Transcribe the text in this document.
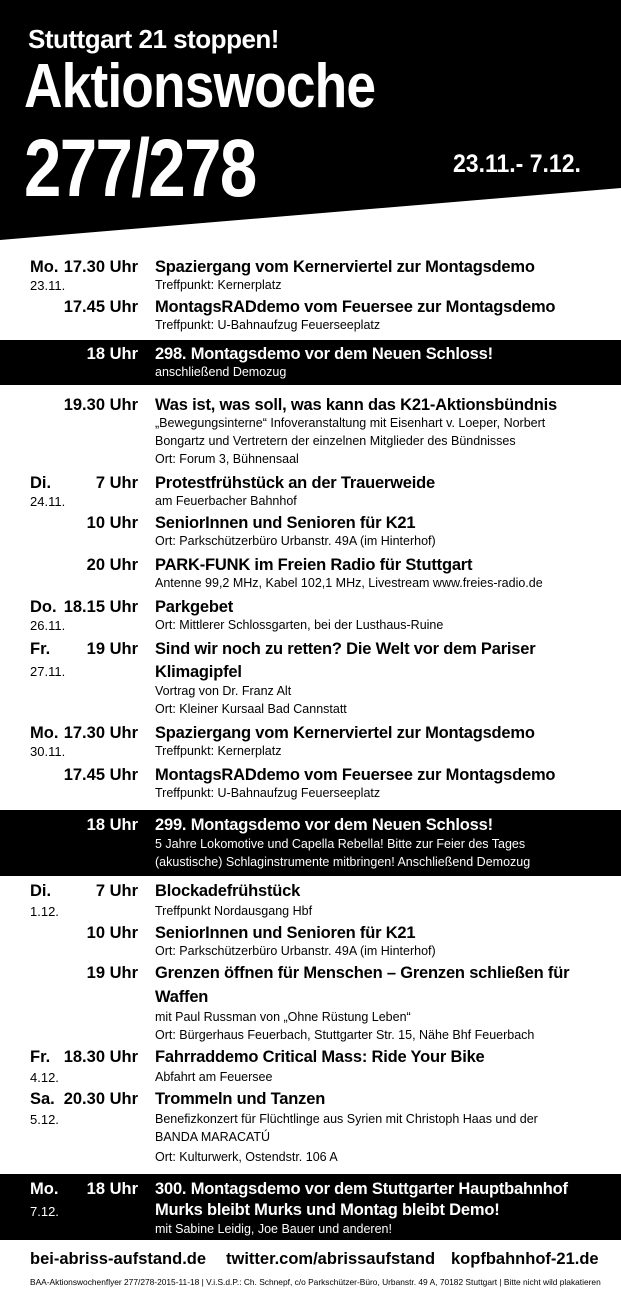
Stuttgart 21 stoppen!
Aktionswoche
277/278	23.11.- 7.12.
Mo.
23.11.
17.30 Uhr Spaziergang vom Kernerviertel zur Montagsdemo
Treffpunkt: Kernerplatz
17.45 Uhr MontagsRADdemo vom Feuersee zur Montagsdemo
Treffpunkt: U-Bahnaufzug Feuerseeplatz
18 Uhr 298. Montagsdemo vor dem Neuen Schloss!
anschließend Demozug
19.30 Uhr Was ist, was soll, was kann das K21-Aktionsbündnis
„Bewegungsinterne“ Infoveranstaltung mit Eisenhart v. Loeper, Norbert
Bongartz und Vertretern der einzelnen Mitglieder des Bündnisses
Ort: Forum 3, Bühnensaal
Di.
24.11.
7 Uhr Protestfrühstück an der Trauerweide
am Feuerbacher Bahnhof
10 Uhr SeniorInnen und Senioren für K21
Ort: Parkschützerbüro Urbanstr. 49A (im Hinterhof)
20 Uhr PARK-FUNK im Freien Radio für Stuttgart
Antenne 99,2 MHz, Kabel 102,1 MHz, Livestream www.freies-radio.de
Do.
26.11.
18.15 Uhr Parkgebet
Ort: Mittlerer Schlossgarten, bei der Lusthaus-Ruine
Fr.
27.11.
19 Uhr Sind wir noch zu retten? Die Welt vor dem Pariser
Klimagipfel
Vortrag von Dr. Franz Alt
Ort: Kleiner Kursaal Bad Cannstatt
Mo.
30.11.
17.30 Uhr Spaziergang vom Kernerviertel zur Montagsdemo
Treffpunkt: Kernerplatz
17.45 Uhr MontagsRADdemo vom Feuersee zur Montagsdemo
Treffpunkt: U-Bahnaufzug Feuerseeplatz
18 Uhr 299. Montagsdemo vor dem Neuen Schloss!
5 Jahre Lokomotive und Capella Rebella! Bitte zur Feier des Tages
(akustische) Schlaginstrumente mitbringen! Anschließend Demozug
Di.
1.12.
7 Uhr Blockadefrühstück
Treffpunkt Nordausgang Hbf
10 Uhr SeniorInnen und Senioren für K21
Ort: Parkschützerbüro Urbanstr. 49A (im Hinterhof)
19 Uhr Grenzen öffnen für Menschen – Grenzen schließen für
Waffen
mit Paul Russman von „Ohne Rüstung Leben“
Ort: Bürgerhaus Feuerbach, Stuttgarter Str. 15, Nähe Bhf Feuerbach
Fr.
4.12.
18.30 Uhr Fahrraddemo Critical Mass: Ride Your Bike
Abfahrt am Feuersee
Sa.
5.12.
20.30 Uhr Trommeln und Tanzen
Benefizkonzert für Flüchtlinge aus Syrien mit Christoph Haas und der
BANDA MARACATÚ
Ort: Kulturwerk, Ostendstr. 106 A
Mo.
7.12.
18 Uhr 300. Montagsdemo vor dem Stuttgarter Hauptbahnhof
Murks bleibt Murks und Montag bleibt Demo!
mit Sabine Leidig, Joe Bauer und anderen!
bei-abriss-aufstand.de twitter.com/abrissaufstand kopfbahnhof-21.de
BAA-Aktionswochenflyer 277/278-2015-11-18 | V.i.S.d.P.: Ch. Schnepf, c/o Parkschützer-Büro, Urbanstr. 49 A, 70182 Stuttgart | Bitte nicht wild plakatieren
